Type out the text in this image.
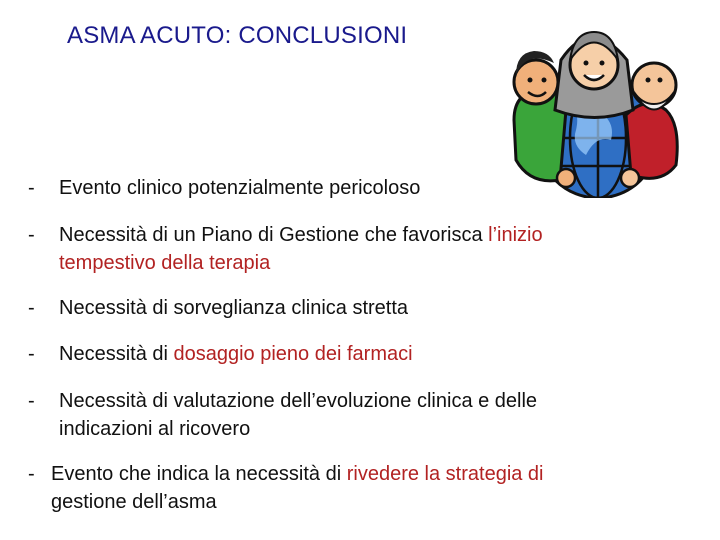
ASMA ACUTO: CONCLUSIONI
- Evento clinico potenzialmente pericoloso
- Necessità di un Piano di Gestione che favorisca l’inizio
tempestivo della terapia
- Necessità di sorveglianza clinica stretta
- Necessità di dosaggio pieno dei farmaci
- Necessità di valutazione dell’evoluzione clinica e delle
indicazioni al ricovero
- Evento che indica la necessità di rivedere la strategia di
gestione dell’asma
